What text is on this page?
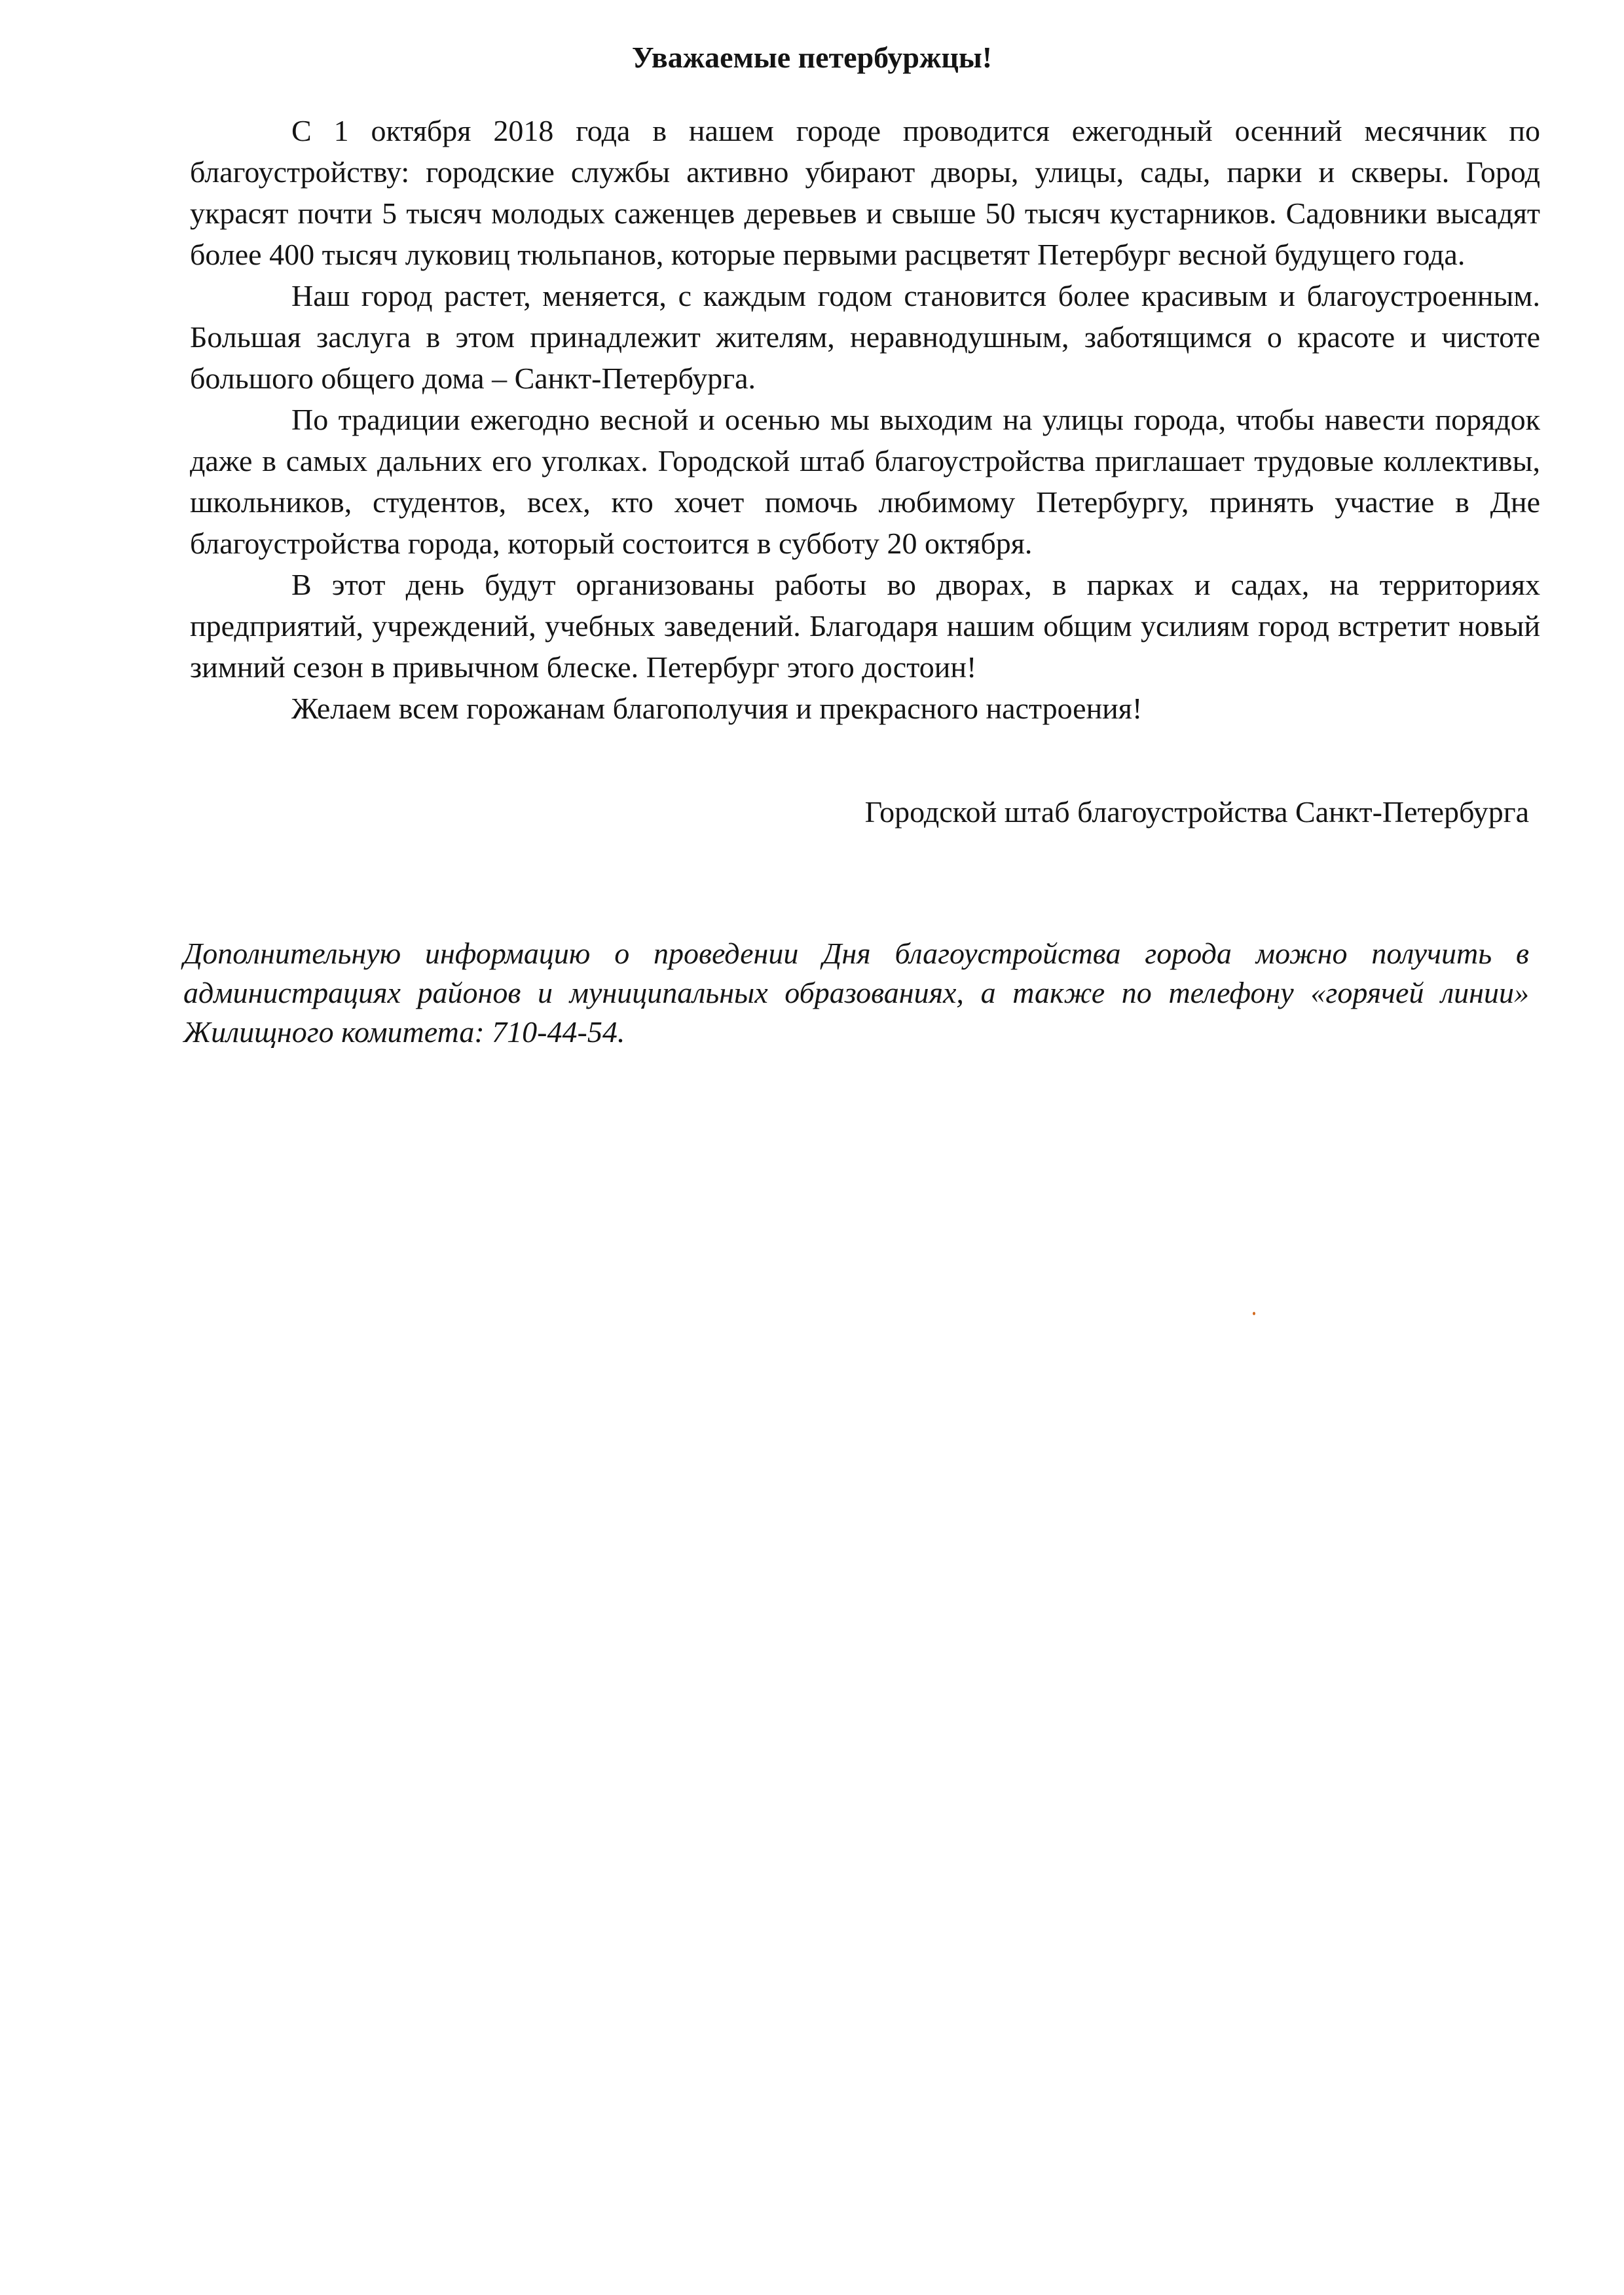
Уважаемые петербуржцы!

С 1 октября 2018 года в нашем городе проводится ежегодный осенний месячник по благоустройству: городские службы активно убирают дворы, улицы, сады, парки и скверы. Город украсят почти 5 тысяч молодых саженцев деревьев и свыше 50 тысяч кустарников. Садовники высадят более 400 тысяч луковиц тюльпанов, которые первыми расцветят Петербург весной будущего года.

Наш город растет, меняется, с каждым годом становится более красивым и благоустроенным. Большая заслуга в этом принадлежит жителям, неравнодушным, заботящимся о красоте и чистоте большого общего дома – Санкт-Петербурга.

По традиции ежегодно весной и осенью мы выходим на улицы города, чтобы навести порядок даже в самых дальних его уголках. Городской штаб благоустройства приглашает трудовые коллективы, школьников, студентов, всех, кто хочет помочь любимому Петербургу, принять участие в Дне благоустройства города, который состоится в субботу 20 октября.

В этот день будут организованы работы во дворах, в парках и садах, на территориях предприятий, учреждений, учебных заведений. Благодаря нашим общим усилиям город встретит новый зимний сезон в привычном блеске. Петербург этого достоин!

Желаем всем горожанам благополучия и прекрасного настроения!

Городской штаб благоустройства Санкт-Петербурга

Дополнительную информацию о проведении Дня благоустройства города можно получить в администрациях районов и муниципальных образованиях, а также по телефону «горячей линии» Жилищного комитета: 710-44-54.
